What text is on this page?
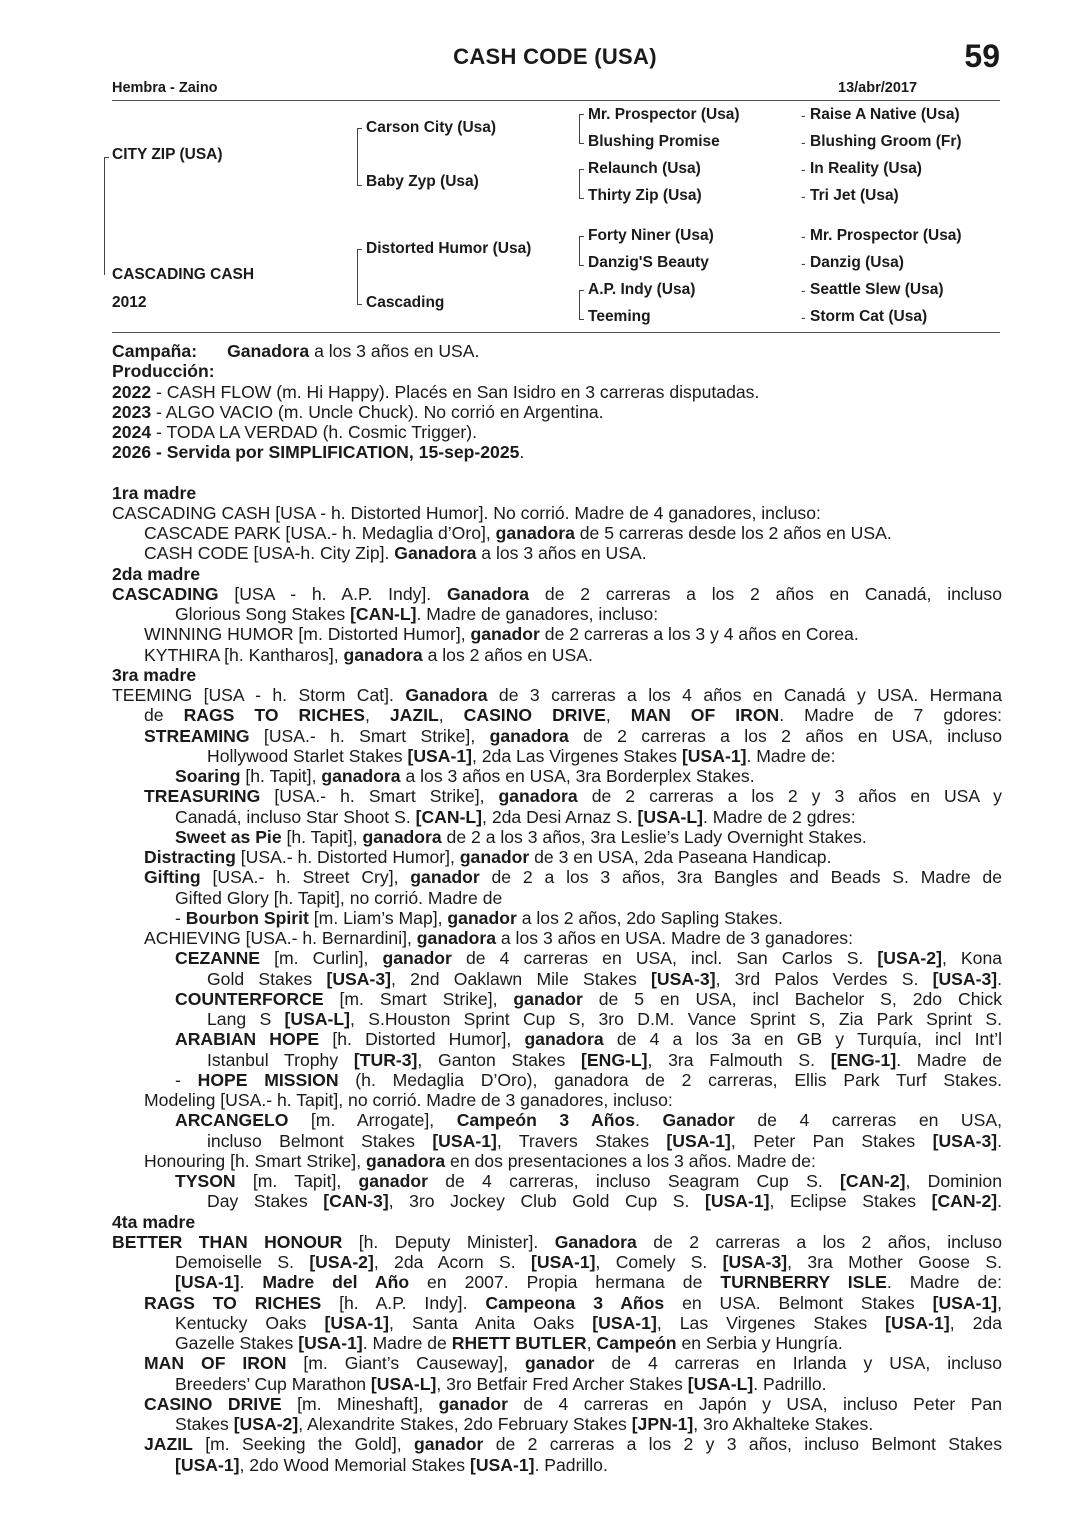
CASH CODE (USA)	59
Hembra - Zaino	13/abr/2017
CITY ZIP (USA)
CASCADING CASH
2012
Carson City (Usa)
Baby Zyp (Usa)
Distorted Humor (Usa)
Cascading
Mr. Prospector (Usa)
Blushing Promise
Relaunch (Usa)
Thirty Zip (Usa)
Forty Niner (Usa)
Danzig'S Beauty
A.P. Indy (Usa)
Teeming
-
-
-
-
-
-
-
-
Raise A Native (Usa)
Blushing Groom (Fr)
In Reality (Usa)
Tri Jet (Usa)
Mr. Prospector (Usa)
Danzig (Usa)
Seattle Slew (Usa)
Storm Cat (Usa)

Campaña: Ganadora a los 3 años en USA.

Producción:

2022 - CASH FLOW (m. Hi Happy). Placés en San Isidro en 3 carreras disputadas.

2023 - ALGO VACIO (m. Uncle Chuck). No corrió en Argentina.

2024 - TODA LA VERDAD (h. Cosmic Trigger).

2026 - Servida por SIMPLIFICATION, 15-sep-2025.

1ra madre

CASCADING CASH [USA - h. Distorted Humor]. No corrió. Madre de 4 ganadores, incluso:

CASCADE PARK [USA.- h. Medaglia d’Oro], ganadora de 5 carreras desde los 2 años en USA.

CASH CODE [USA-h. City Zip]. Ganadora a los 3 años en USA.

2da madre

CASCADING [USA - h. A.P. Indy]. Ganadora de 2 carreras a los 2 años en Canadá, incluso

Glorious Song Stakes [CAN-L]. Madre de ganadores, incluso:

WINNING HUMOR [m. Distorted Humor], ganador de 2 carreras a los 3 y 4 años en Corea.

KYTHIRA [h. Kantharos], ganadora a los 2 años en USA.

3ra madre

TEEMING [USA - h. Storm Cat]. Ganadora de 3 carreras a los 4 años en Canadá y USA. Hermana

de RAGS TO RICHES, JAZIL, CASINO DRIVE, MAN OF IRON. Madre de 7 gdores:

STREAMING [USA.- h. Smart Strike], ganadora de 2 carreras a los 2 años en USA, incluso

Hollywood Starlet Stakes [USA-1], 2da Las Virgenes Stakes [USA-1]. Madre de:

Soaring [h. Tapit], ganadora a los 3 años en USA, 3ra Borderplex Stakes.

TREASURING [USA.- h. Smart Strike], ganadora de 2 carreras a los 2 y 3 años en USA y

Canadá, incluso Star Shoot S. [CAN-L], 2da Desi Arnaz S. [USA-L]. Madre de 2 gdres:

Sweet as Pie [h. Tapit], ganadora de 2 a los 3 años, 3ra Leslie’s Lady Overnight Stakes.

Distracting [USA.- h. Distorted Humor], ganador de 3 en USA, 2da Paseana Handicap.

Gifting [USA.- h. Street Cry], ganador de 2 a los 3 años, 3ra Bangles and Beads S. Madre de

Gifted Glory [h. Tapit], no corrió. Madre de

- Bourbon Spirit [m. Liam’s Map], ganador a los 2 años, 2do Sapling Stakes.

ACHIEVING [USA.- h. Bernardini], ganadora a los 3 años en USA. Madre de 3 ganadores:

CEZANNE [m. Curlin], ganador de 4 carreras en USA, incl. San Carlos S. [USA-2], Kona

Gold Stakes [USA-3], 2nd Oaklawn Mile Stakes [USA-3], 3rd Palos Verdes S. [USA-3].

COUNTERFORCE [m. Smart Strike], ganador de 5 en USA, incl Bachelor S, 2do Chick

Lang S [USA-L], S.Houston Sprint Cup S, 3ro D.M. Vance Sprint S, Zia Park Sprint S.

ARABIAN HOPE [h. Distorted Humor], ganadora de 4 a los 3a en GB y Turquía, incl Int’l

Istanbul Trophy [TUR-3], Ganton Stakes [ENG-L], 3ra Falmouth S. [ENG-1]. Madre de

- HOPE MISSION (h. Medaglia D’Oro), ganadora de 2 carreras, Ellis Park Turf Stakes.

Modeling [USA.- h. Tapit], no corrió. Madre de 3 ganadores, incluso:

ARCANGELO [m. Arrogate], Campeón 3 Años. Ganador de 4 carreras en USA,

incluso Belmont Stakes [USA-1], Travers Stakes [USA-1], Peter Pan Stakes [USA-3].

Honouring [h. Smart Strike], ganadora en dos presentaciones a los 3 años. Madre de:

TYSON [m. Tapit], ganador de 4 carreras, incluso Seagram Cup S. [CAN-2], Dominion

Day Stakes [CAN-3], 3ro Jockey Club Gold Cup S. [USA-1], Eclipse Stakes [CAN-2].

4ta madre

BETTER THAN HONOUR [h. Deputy Minister]. Ganadora de 2 carreras a los 2 años, incluso

Demoiselle S. [USA-2], 2da Acorn S. [USA-1], Comely S. [USA-3], 3ra Mother Goose S.

[USA-1]. Madre del Año en 2007. Propia hermana de TURNBERRY ISLE. Madre de:

RAGS TO RICHES [h. A.P. Indy]. Campeona 3 Años en USA. Belmont Stakes [USA-1],

Kentucky Oaks [USA-1], Santa Anita Oaks [USA-1], Las Virgenes Stakes [USA-1], 2da

Gazelle Stakes [USA-1]. Madre de RHETT BUTLER, Campeón en Serbia y Hungría.

MAN OF IRON [m. Giant’s Causeway], ganador de 4 carreras en Irlanda y USA, incluso

Breeders’ Cup Marathon [USA-L], 3ro Betfair Fred Archer Stakes [USA-L]. Padrillo.

CASINO DRIVE [m. Mineshaft], ganador de 4 carreras en Japón y USA, incluso Peter Pan

Stakes [USA-2], Alexandrite Stakes, 2do February Stakes [JPN-1], 3ro Akhalteke Stakes.

JAZIL [m. Seeking the Gold], ganador de 2 carreras a los 2 y 3 años, incluso Belmont Stakes

[USA-1], 2do Wood Memorial Stakes [USA-1]. Padrillo.
